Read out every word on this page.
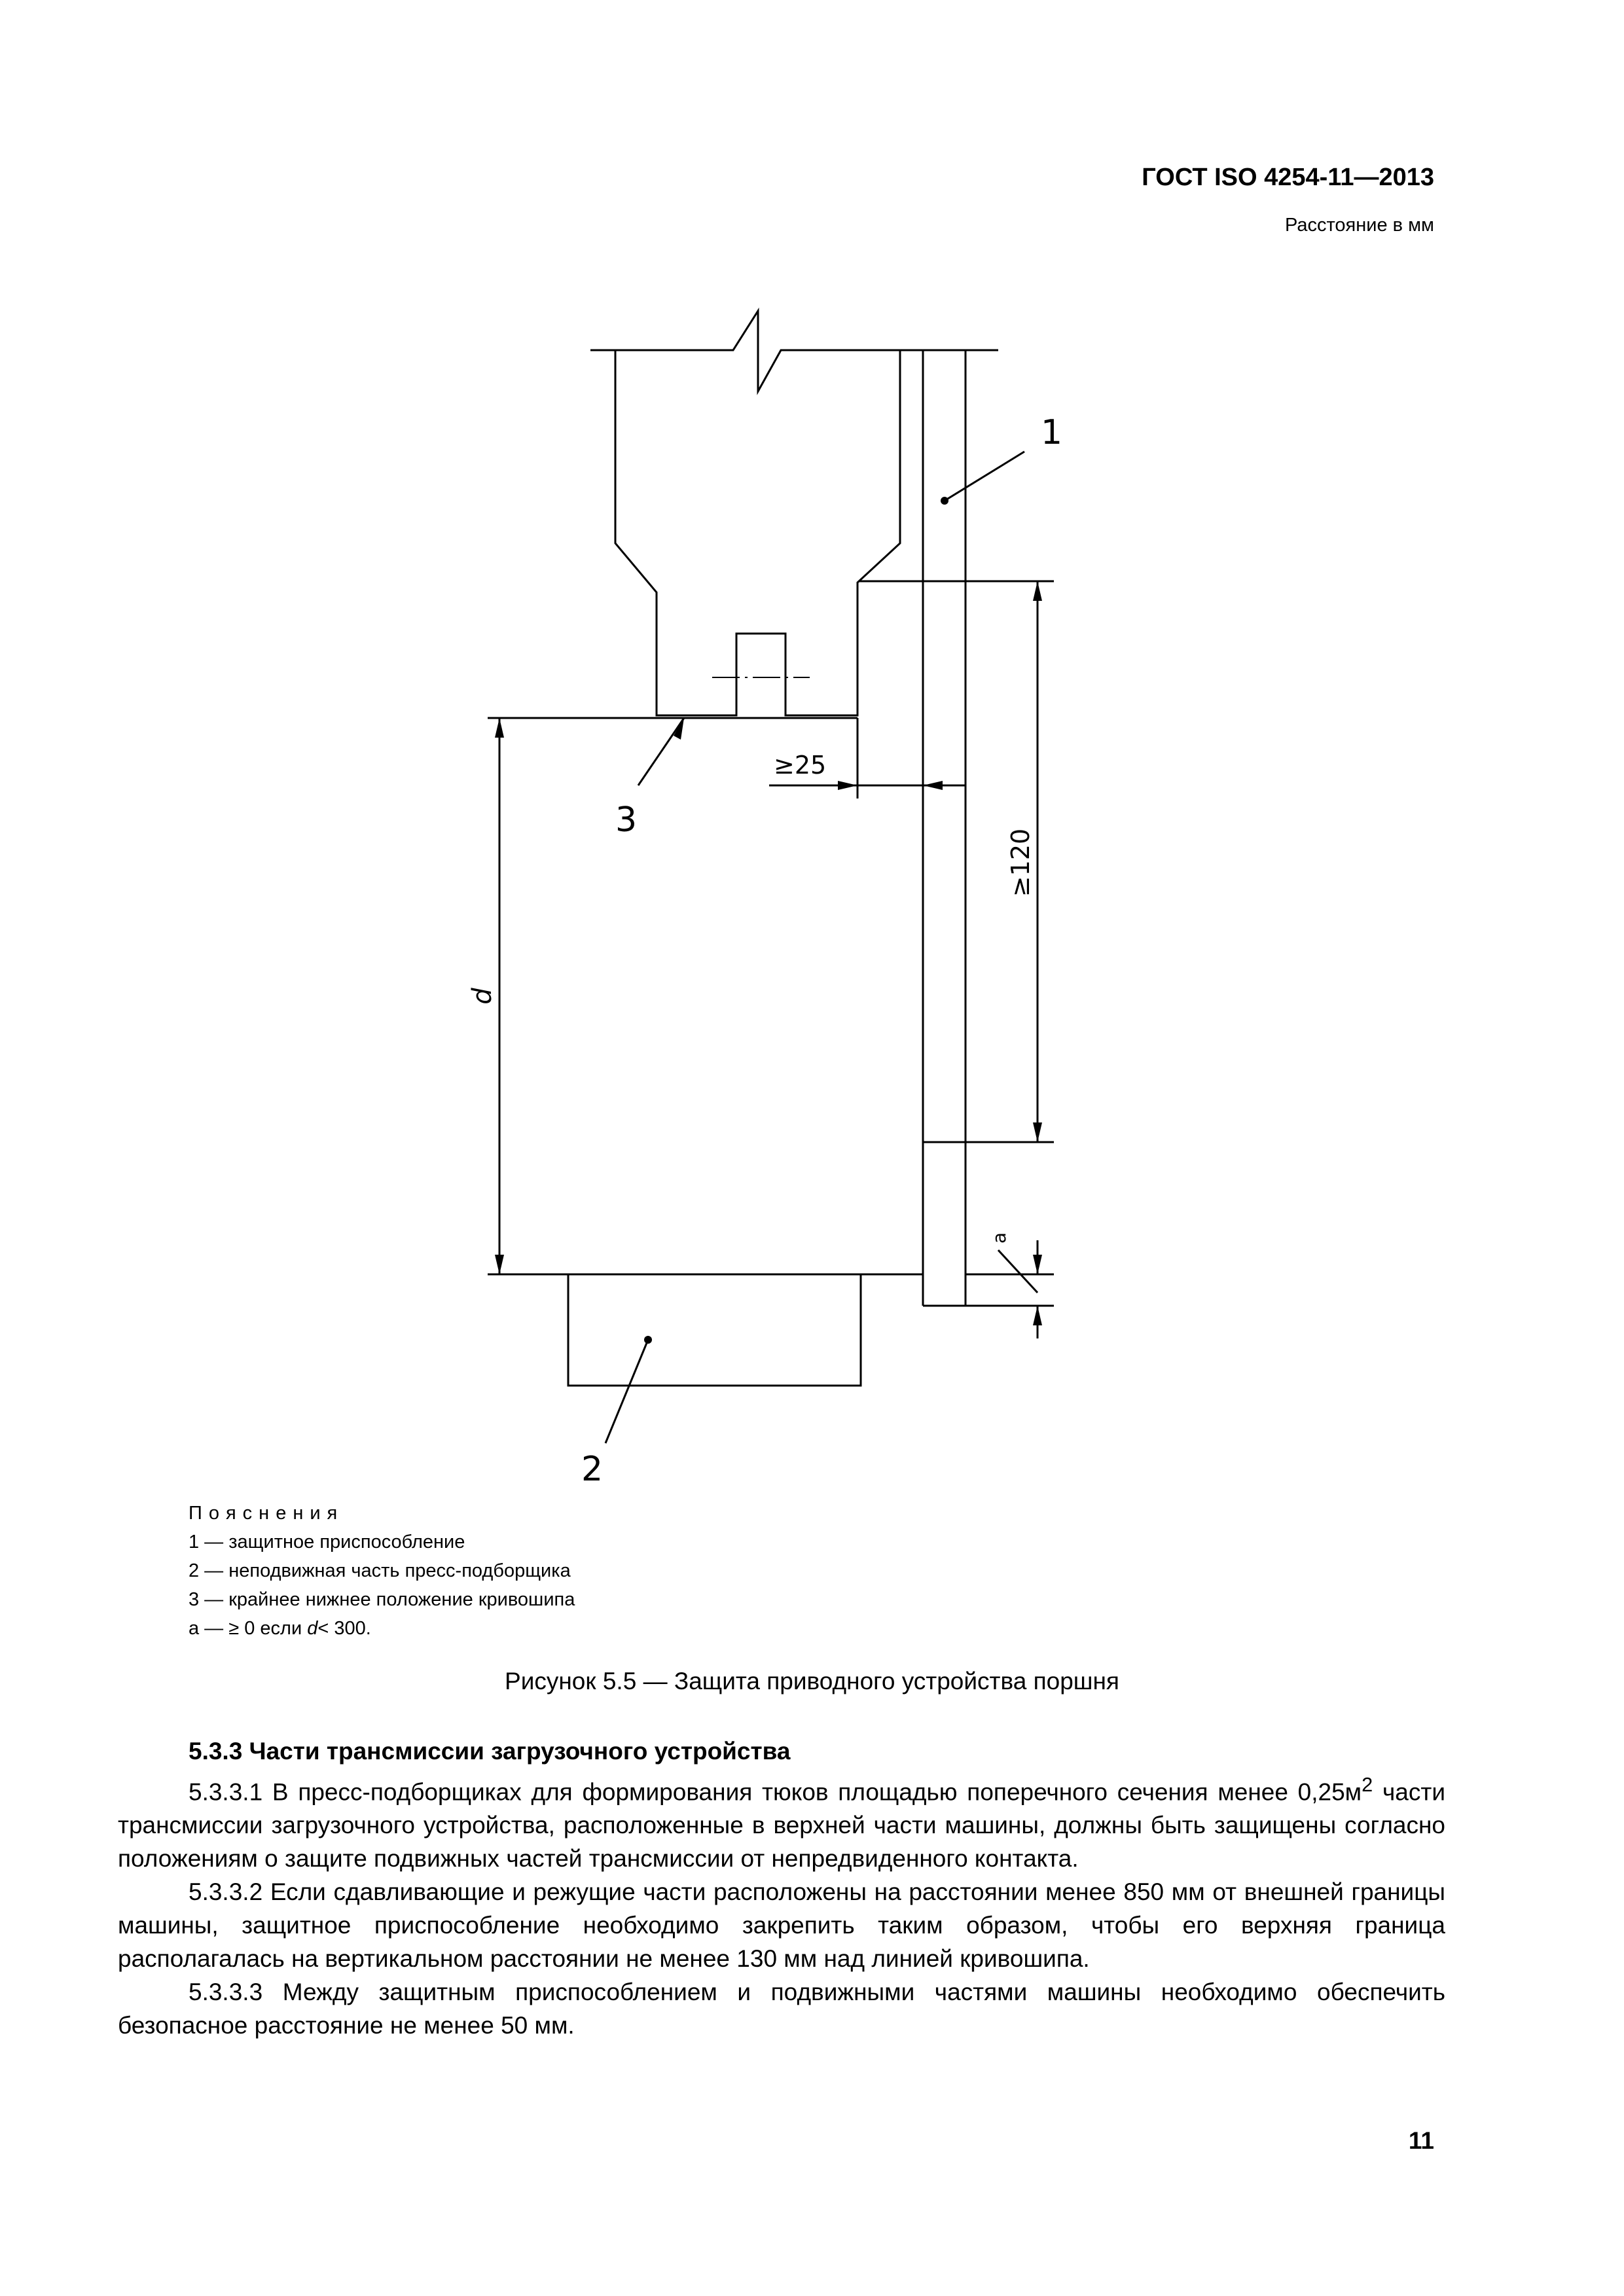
ГОСТ ISO 4254-11—2013
Расстояние в мм
1
2
3
≥25
≥120
d
a
Пояснения
1 — защитное приспособление
2 — неподвижная часть пресс-подборщика
3 — крайнее нижнее положение кривошипа
a — ≥ 0 если d< 300.
Рисунок 5.5 — Защита приводного устройства поршня

5.3.3 Части трансмиссии загрузочного устройства

5.3.3.1 В пресс-подборщиках для формирования тюков площадью поперечного сечения менее $0,25м^2$ части трансмиссии загрузочного устройства, расположенные в верхней части машины, должны быть защищены согласно положениям о защите подвижных частей трансмиссии от непредвиденного контакта.

5.3.3.2 Если сдавливающие и режущие части расположены на расстоянии менее 850 мм от внешней границы машины, защитное приспособление необходимо закрепить таким образом, чтобы его верхняя граница располагалась на вертикальном расстоянии не менее 130 мм над линией кривошипа.

5.3.3.3 Между защитным приспособлением и подвижными частями машины необходимо обеспечить безопасное расстояние не менее 50 мм.

11
